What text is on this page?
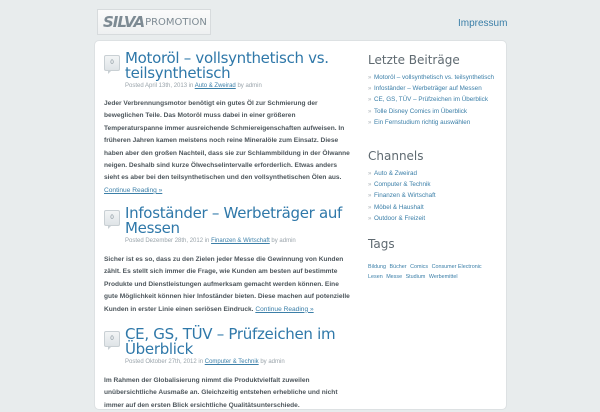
SILVA PROMOTION	Impressum
0 Motoröl – vollsynthetisch vs. teilsynthetisch
Posted April 13th, 2013 in Auto & Zweirad by admin

Jeder Verbrennungsmotor benötigt ein gutes Öl zur Schmierung der beweglichen Teile. Das Motoröl muss dabei in einer größeren Temperaturspanne immer ausreichende Schmiereigenschaften aufweisen. In früheren Jahren kamen meistens noch reine Mineralöle zum Einsatz. Diese haben aber den großen Nachteil, dass sie zur Schlammbildung in der Ölwanne neigen. Deshalb sind kurze Ölwechselintervalle erforderlich. Etwas anders sieht es aber bei den teilsynthetischen und den vollsynthetischen Ölen aus. Continue Reading »

0 Infoständer – Werbeträger auf Messen
Posted Dezember 28th, 2012 in Finanzen & Wirtschaft by admin

Sicher ist es so, dass zu den Zielen jeder Messe die Gewinnung von Kunden zählt. Es stellt sich immer die Frage, wie Kunden am besten auf bestimmte Produkte und Dienstleistungen aufmerksam gemacht werden können. Eine gute Möglichkeit können hier Infoständer bieten. Diese machen auf potenzielle Kunden in erster Linie einen seriösen Eindruck. Continue Reading »

0 CE, GS, TÜV – Prüfzeichen im Überblick
Posted Oktober 27th, 2012 in Computer & Technik by admin

Im Rahmen der Globalisierung nimmt die Produktvielfalt zuweilen unübersichtliche Ausmaße an. Gleichzeitig entstehen erhebliche und nicht immer auf den ersten Blick ersichtliche Qualitätsunterschiede.

Letzte Beiträge
» Motoröl – vollsynthetisch vs. teilsynthetisch
» Infoständer – Werbeträger auf Messen
» CE, GS, TÜV – Prüfzeichen im Überblick
» Tolle Disney Comics im Überblick
» Ein Fernstudium richtig auswählen
Channels
» Auto & Zweirad
» Computer & Technik
» Finanzen & Wirtschaft
» Möbel & Haushalt
» Outdoor & Freizeit
Tags
Bildung Bücher Comics Consumer Electronic Lesen Messe Studium Werbemittel
